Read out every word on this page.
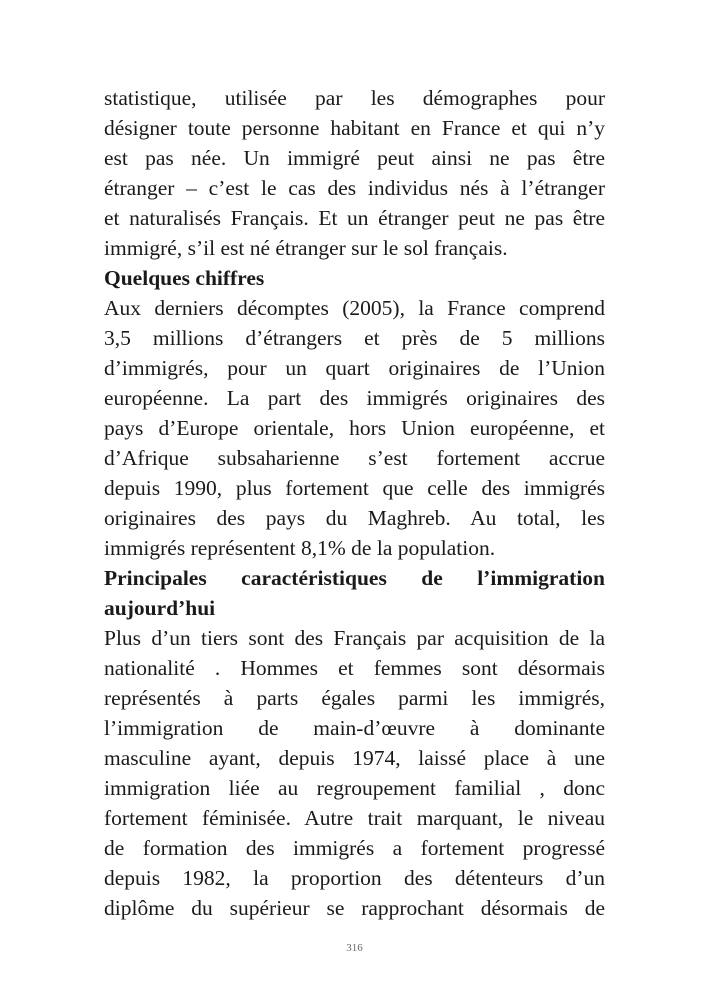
statistique, utilisée par les démographes pour
désigner toute personne habitant en France et qui n’y
est pas née. Un immigré peut ainsi ne pas être
étranger – c’est le cas des individus nés à l’étranger
et naturalisés Français. Et un étranger peut ne pas être
immigré, s’il est né étranger sur le sol français.
Quelques chiffres
Aux derniers décomptes (2005), la France comprend
3,5 millions d’étrangers et près de 5 millions
d’immigrés, pour un quart originaires de l’Union
européenne. La part des immigrés originaires des
pays d’Europe orientale, hors Union européenne, et
d’Afrique subsaharienne s’est fortement accrue
depuis 1990, plus fortement que celle des immigrés
originaires des pays du Maghreb. Au total, les
immigrés représentent 8,1% de la population.
Principales caractéristiques de l’immigration
aujourd’hui
Plus d’un tiers sont des Français par acquisition de la
nationalité . Hommes et femmes sont désormais
représentés à parts égales parmi les immigrés,
l’immigration de main-d’œuvre à dominante
masculine ayant, depuis 1974, laissé place à une
immigration liée au regroupement familial , donc
fortement féminisée. Autre trait marquant, le niveau
de formation des immigrés a fortement progressé
depuis 1982, la proportion des détenteurs d’un
diplôme du supérieur se rapprochant désormais de
316
